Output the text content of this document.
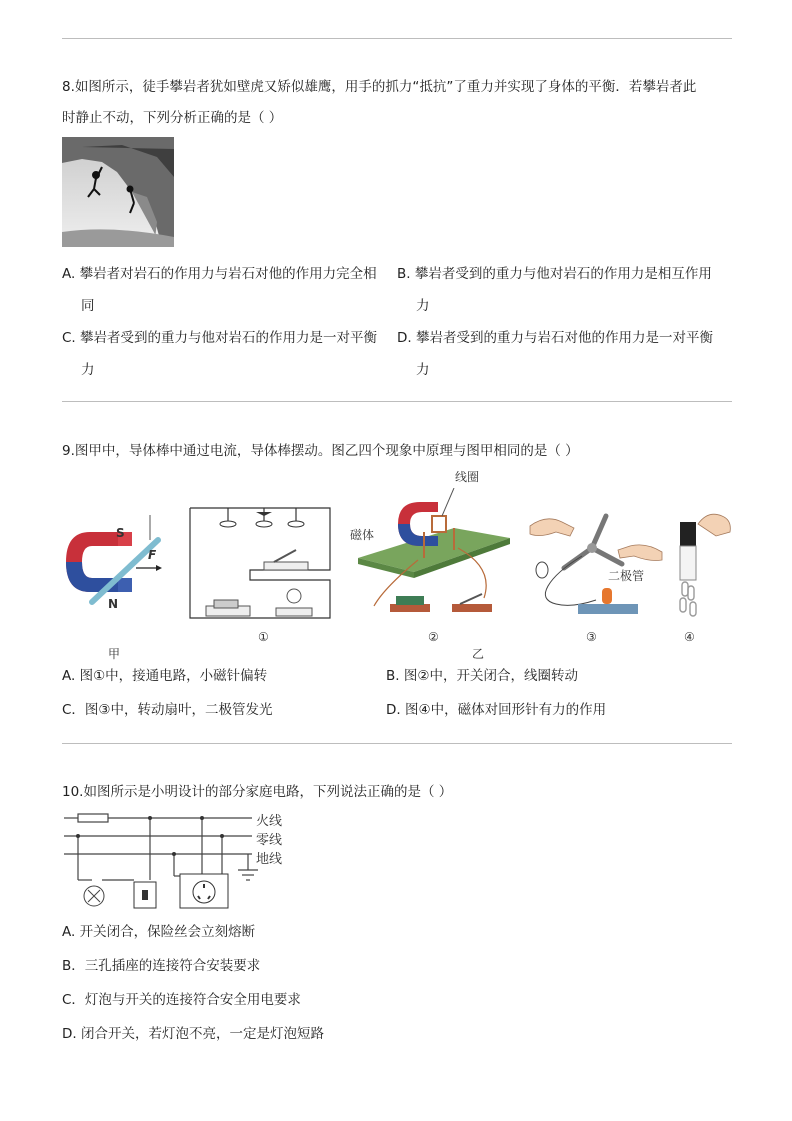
8.如图所示，徒手攀岩者犹如壁虎又矫似雄鹰，用手的抓力“抵抗”了重力并实现了身体的平衡．若攀岩者此
时静止不动，下列分析正确的是（ ）
A. 攀岩者对岩石的作用力与岩石对他的作用力完全相
同
B. 攀岩者受到的重力与他对岩石的作用力是相互作用
力
C. 攀岩者受到的重力与他对岩石的作用力是一对平衡
力
D. 攀岩者受到的重力与岩石对他的作用力是一对平衡
力
9.图甲中，导体棒中通过电流，导体棒摆动。图乙四个现象中原理与图甲相同的是（ ）
S
N
F
线圈
磁体
二极管
甲
①	②
乙
③	④
A. 图①中，接通电路，小磁针偏转	B. 图②中，开关闭合，线圈转动
C．图③中，转动扇叶，二极管发光	D. 图④中，磁体对回形针有力的作用
10.如图所示是小明设计的部分家庭电路，下列说法正确的是（ ）
火线
零线
地线
A. 开关闭合，保险丝会立刻熔断
B．三孔插座的连接符合安装要求
C．灯泡与开关的连接符合安全用电要求
D. 闭合开关，若灯泡不亮，一定是灯泡短路
